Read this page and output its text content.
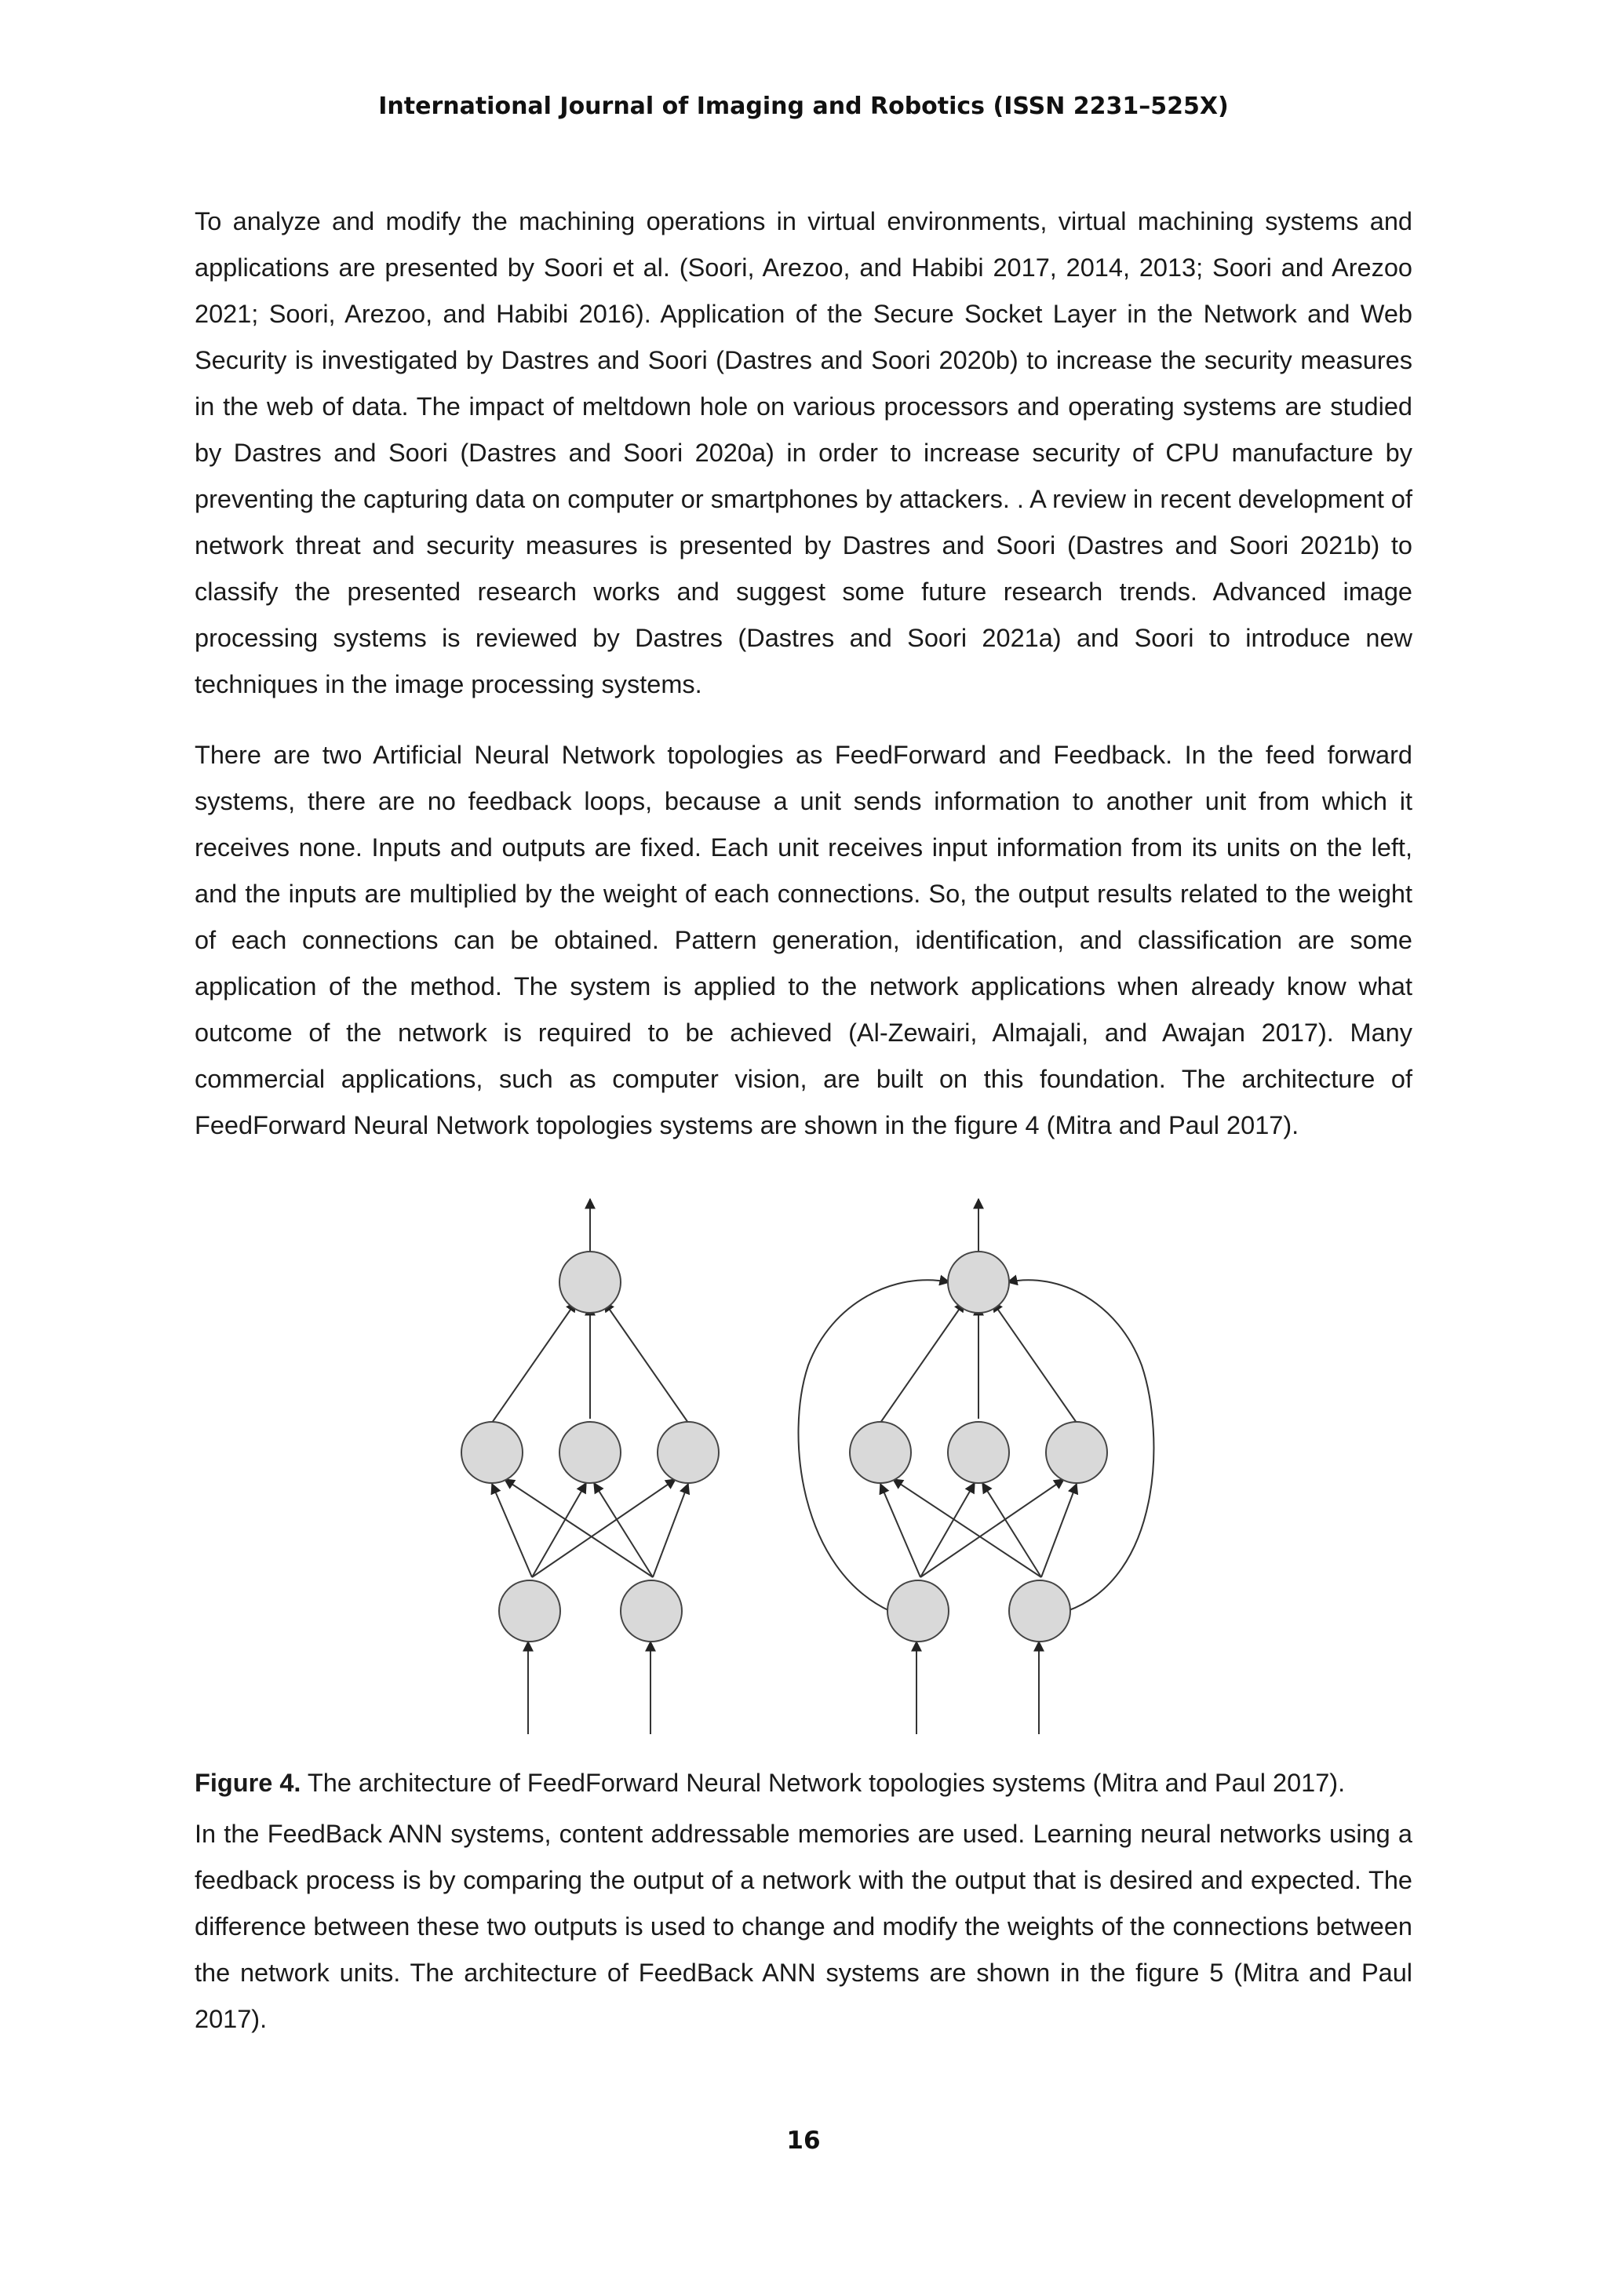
International Journal of Imaging and Robotics (ISSN 2231–525X)

To analyze and modify the machining operations in virtual environments, virtual machining systems and applications are presented by Soori et al. (Soori, Arezoo, and Habibi 2017, 2014, 2013; Soori and Arezoo 2021; Soori, Arezoo, and Habibi 2016). Application of the Secure Socket Layer in the Network and Web Security is investigated by Dastres and Soori (Dastres and Soori 2020b) to increase the security measures in the web of data. The impact of meltdown hole on various processors and operating systems are studied by Dastres and Soori (Dastres and Soori 2020a) in order to increase security of CPU manufacture by preventing the capturing data on computer or smartphones by attackers. . A review in recent development of network threat and security measures is presented by Dastres and Soori (Dastres and Soori 2021b) to classify the presented research works and suggest some future research trends. Advanced image processing systems is reviewed by Dastres (Dastres and Soori 2021a) and Soori to introduce new techniques in the image processing systems.

There are two Artificial Neural Network topologies as FeedForward and Feedback. In the feed forward systems, there are no feedback loops, because a unit sends information to another unit from which it receives none. Inputs and outputs are fixed. Each unit receives input information from its units on the left, and the inputs are multiplied by the weight of each connections. So, the output results related to the weight of each connections can be obtained. Pattern generation, identification, and classification are some application of the method. The system is applied to the network applications when already know what outcome of the network is required to be achieved (Al-Zewairi, Almajali, and Awajan 2017). Many commercial applications, such as computer vision, are built on this foundation. The architecture of FeedForward Neural Network topologies systems are shown in the figure 4 (Mitra and Paul 2017).

Figure 4. The architecture of FeedForward Neural Network topologies systems (Mitra and Paul 2017).

In the FeedBack ANN systems, content addressable memories are used. Learning neural networks using a feedback process is by comparing the output of a network with the output that is desired and expected. The difference between these two outputs is used to change and modify the weights of the connections between the network units. The architecture of FeedBack ANN systems are shown in the figure 5 (Mitra and Paul 2017).

16
